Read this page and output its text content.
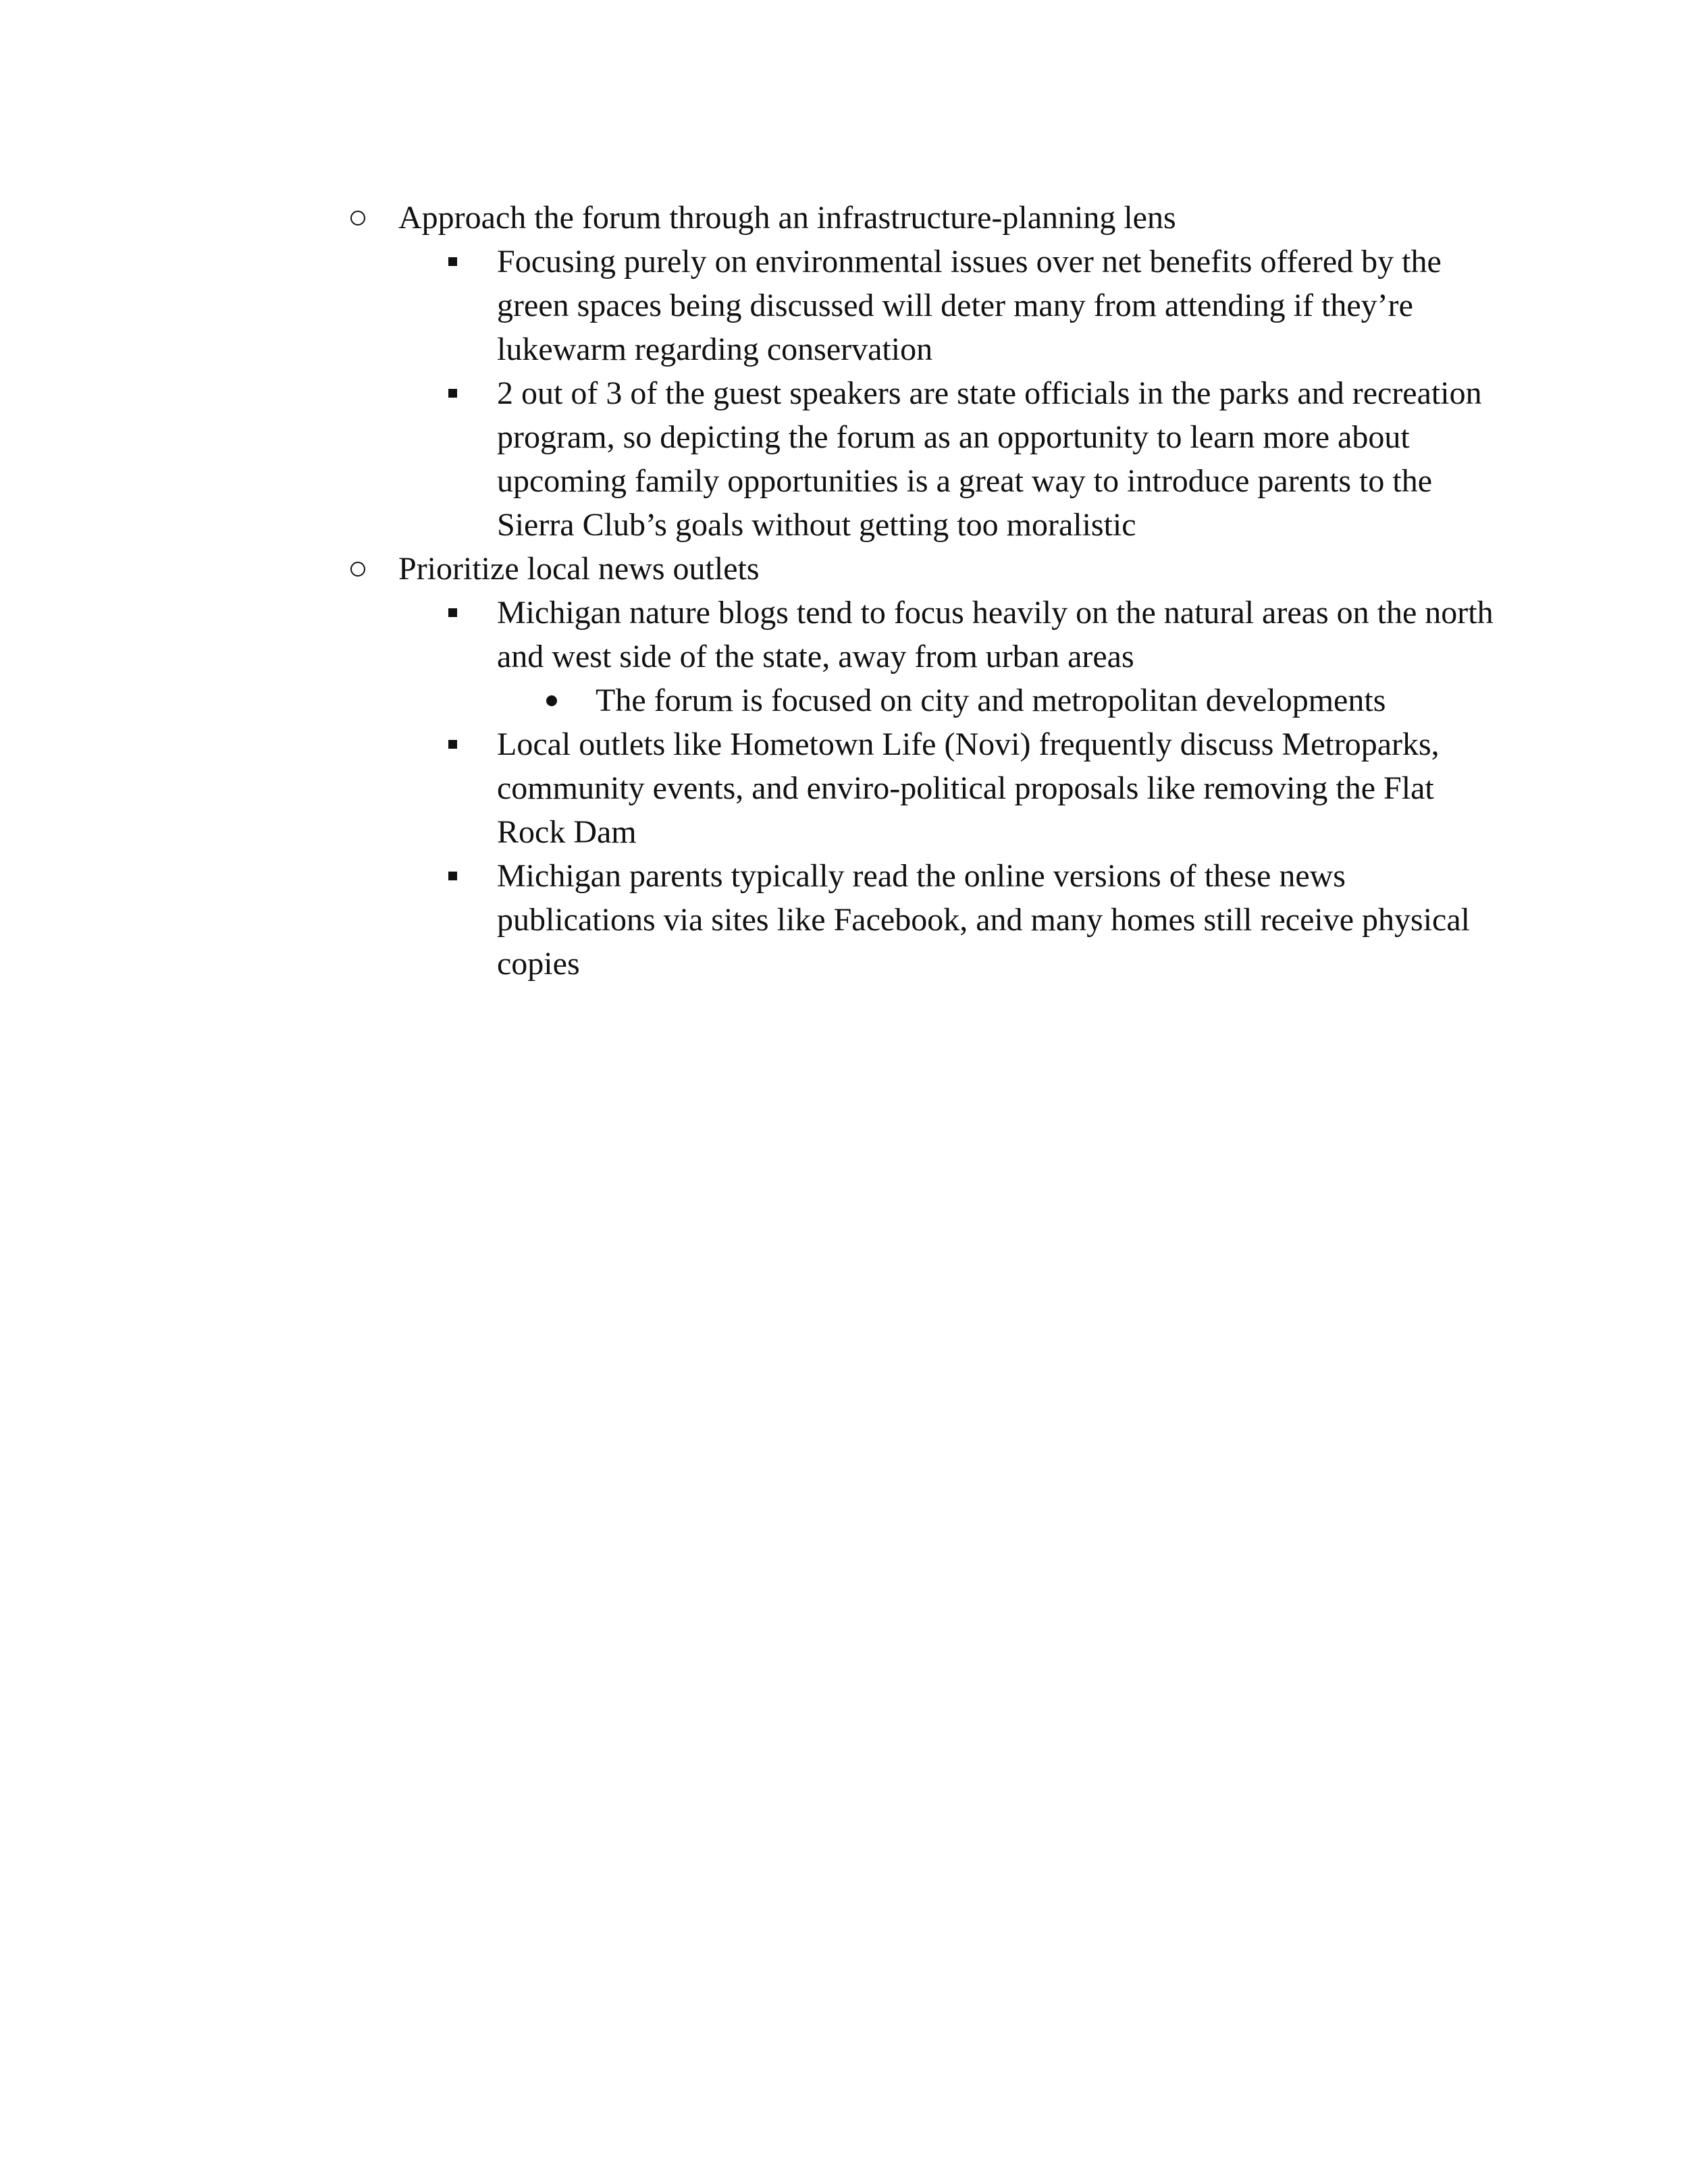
Approach the forum through an infrastructure-planning lens
Focusing purely on environmental issues over net benefits offered by the green spaces being discussed will deter many from attending if they’re lukewarm regarding conservation
2 out of 3 of the guest speakers are state officials in the parks and recreation program, so depicting the forum as an opportunity to learn more about upcoming family opportunities is a great way to introduce parents to the Sierra Club’s goals without getting too moralistic
Prioritize local news outlets
Michigan nature blogs tend to focus heavily on the natural areas on the north and west side of the state, away from urban areas
The forum is focused on city and metropolitan developments
Local outlets like Hometown Life (Novi) frequently discuss Metroparks, community events, and enviro-political proposals like removing the Flat Rock Dam
Michigan parents typically read the online versions of these news publications via sites like Facebook, and many homes still receive physical copies
